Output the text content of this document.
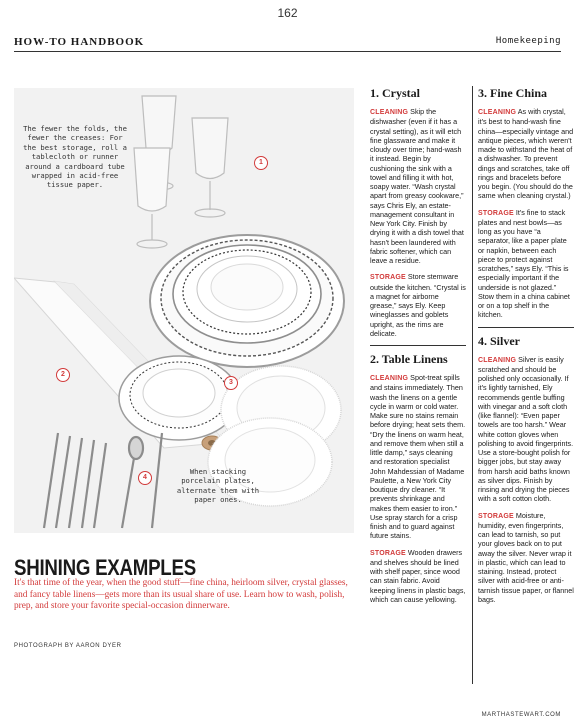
162
HOW-TO HANDBOOK	Homekeeping
1
2
3
4
The fewer the folds, the fewer the creases: For the best storage, roll a tablecloth or runner around a cardboard tube wrapped in acid-free tissue paper.
When stacking porcelain plates, alternate them with paper ones.
SHINING EXAMPLES
It's that time of the year, when the good stuff—fine china, heirloom silver, crystal glasses, and fancy table linens—gets more than its usual share of use. Learn how to wash, polish, prep, and store your favorite special-occasion dinnerware.
PHOTOGRAPH BY AARON DYER
1. Crystal

CLEANING Skip the dishwasher (even if it has a crystal setting), as it will etch fine glassware and make it cloudy over time; hand-wash it instead. Begin by cushioning the sink with a towel and filling it with hot, soapy water. “Wash crystal apart from greasy cookware,” says Chris Ely, an estate-management consultant in New York City. Finish by drying it with a dish towel that hasn't been laundered with fabric softener, which can leave a residue.

STORAGE Store stemware outside the kitchen. “Crystal is a magnet for airborne grease,” says Ely. Keep wineglasses and goblets upright, as the rims are delicate.

2. Table Linens

CLEANING Spot-treat spills and stains immediately. Then wash the linens on a gentle cycle in warm or cold water. Make sure no stains remain before drying; heat sets them. “Dry the linens on warm heat, and remove them when still a little damp,” says cleaning and restoration specialist John Mahdessian of Madame Paulette, a New York City boutique dry cleaner. “It prevents shrinkage and makes them easier to iron.” Use spray starch for a crisp finish and to guard against future stains.

STORAGE Wooden drawers and shelves should be lined with shelf paper, since wood can stain fabric. Avoid keeping linens in plastic bags, which can cause yellowing.

3. Fine China

CLEANING As with crystal, it's best to hand-wash fine china—especially vintage and antique pieces, which weren't made to withstand the heat of a dishwasher. To prevent dings and scratches, take off rings and bracelets before you begin. (You should do the same when cleaning crystal.)

STORAGE It's fine to stack plates and nest bowls—as long as you have “a separator, like a paper plate or napkin, between each piece to protect against scratches,” says Ely. “This is especially important if the underside is not glazed.” Stow them in a china cabinet or on a top shelf in the kitchen.

4. Silver

CLEANING Silver is easily scratched and should be polished only occasionally. If it's lightly tarnished, Ely recommends gentle buffing with vinegar and a soft cloth (like flannel): “Even paper towels are too harsh.” Wear white cotton gloves when polishing to avoid fingerprints. Use a store-bought polish for bigger jobs, but stay away from harsh acid baths known as silver dips. Finish by rinsing and drying the pieces with a soft cotton cloth.

STORAGE Moisture, humidity, even fingerprints, can lead to tarnish, so put your gloves back on to put away the silver. Never wrap it in plastic, which can lead to staining. Instead, protect silver with acid-free or anti-tarnish tissue paper, or flannel bags.

MARTHASTEWART.COM
